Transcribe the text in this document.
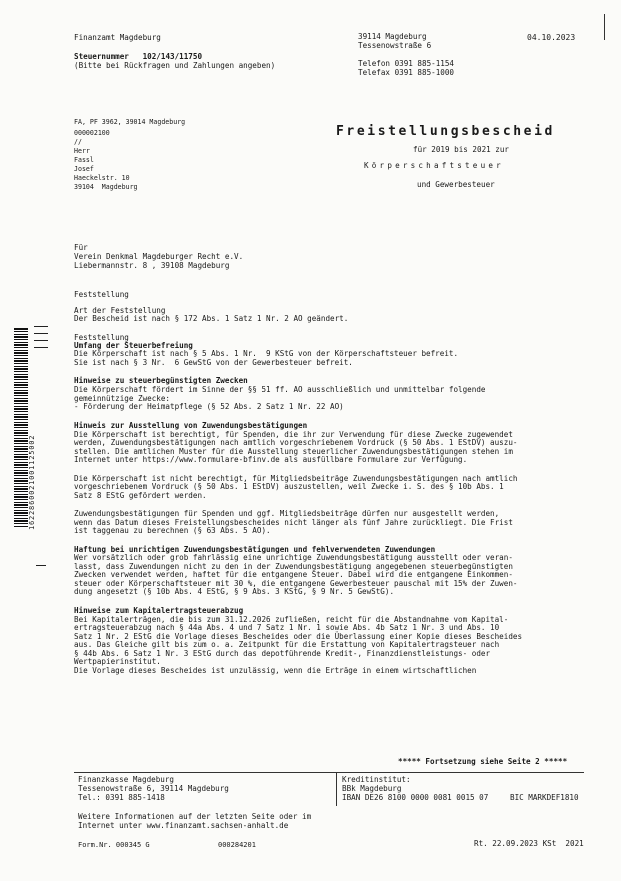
1622860021001125002
Finanzamt Magdeburg
Steuernummer 102/143/11750
(Bitte bei Rückfragen und Zahlungen angeben)
39114 Magdeburg
Tessenowstraße 6
Telefon 0391 885-1154
Telefax 0391 885-1000
04.10.2023
FA, PF 3962, 39014 Magdeburg
000002100
//
Herr
Fassl
Josef
Haeckelstr. 10
39104  Magdeburg
Freistellungsbescheid
für 2019 bis 2021 zur
Körperschaftsteuer
und Gewerbesteuer
Für
Verein Denkmal Magdeburger Recht e.V.
Liebermannstr. 8 , 39108 Magdeburg
Feststellung
Art der Feststellung
Der Bescheid ist nach § 172 Abs. 1 Satz 1 Nr. 2 AO geändert.
Feststellung
Umfang der Steuerbefreiung
Die Körperschaft ist nach § 5 Abs. 1 Nr.  9 KStG von der Körperschaftsteuer befreit.
Sie ist nach § 3 Nr.  6 GewStG von der Gewerbesteuer befreit.
Hinweise zu steuerbegünstigten Zwecken
Die Körperschaft fördert im Sinne der §§ 51 ff. AO ausschließlich und unmittelbar folgende
gemeinnützige Zwecke:
- Förderung der Heimatpflege (§ 52 Abs. 2 Satz 1 Nr. 22 AO)
Hinweis zur Ausstellung von Zuwendungsbestätigungen
Die Körperschaft ist berechtigt, für Spenden, die ihr zur Verwendung für diese Zwecke zugewendet
werden, Zuwendungsbestätigungen nach amtlich vorgeschriebenem Vordruck (§ 50 Abs. 1 EStDV) auszu-
stellen. Die amtlichen Muster für die Ausstellung steuerlicher Zuwendungsbestätigungen stehen im
Internet unter https://www.formulare-bfinv.de als ausfüllbare Formulare zur Verfügung.
Die Körperschaft ist nicht berechtigt, für Mitgliedsbeiträge Zuwendungsbestätigungen nach amtlich
vorgeschriebenem Vordruck (§ 50 Abs. 1 EStDV) auszustellen, weil Zwecke i. S. des § 10b Abs. 1
Satz 8 EStG gefördert werden.
Zuwendungsbestätigungen für Spenden und ggf. Mitgliedsbeiträge dürfen nur ausgestellt werden,
wenn das Datum dieses Freistellungsbescheides nicht länger als fünf Jahre zurückliegt. Die Frist
ist taggenau zu berechnen (§ 63 Abs. 5 AO).
Haftung bei unrichtigen Zuwendungsbestätigungen und fehlverwendeten Zuwendungen
Wer vorsätzlich oder grob fahrlässig eine unrichtige Zuwendungsbestätigung ausstellt oder veran-
lasst, dass Zuwendungen nicht zu den in der Zuwendungsbestätigung angegebenen steuerbegünstigten
Zwecken verwendet werden, haftet für die entgangene Steuer. Dabei wird die entgangene Einkommen-
steuer oder Körperschaftsteuer mit 30 %, die entgangene Gewerbesteuer pauschal mit 15% der Zuwen-
dung angesetzt (§ 10b Abs. 4 EStG, § 9 Abs. 3 KStG, § 9 Nr. 5 GewStG).
Hinweise zum Kapitalertragsteuerabzug
Bei Kapitalerträgen, die bis zum 31.12.2026 zufließen, reicht für die Abstandnahme vom Kapital-
ertragsteuerabzug nach § 44a Abs. 4 und 7 Satz 1 Nr. 1 sowie Abs. 4b Satz 1 Nr. 3 und Abs. 10
Satz 1 Nr. 2 EStG die Vorlage dieses Bescheides oder die Überlassung einer Kopie dieses Bescheides
aus. Das Gleiche gilt bis zum o. a. Zeitpunkt für die Erstattung von Kapitalertragsteuer nach
§ 44b Abs. 6 Satz 1 Nr. 3 EStG durch das depotführende Kredit-, Finanzdienstleistungs- oder
Wertpapierinstitut.
Die Vorlage dieses Bescheides ist unzulässig, wenn die Erträge in einem wirtschaftlichen
***** Fortsetzung siehe Seite 2 *****
Finanzkasse Magdeburg
Tessenowstraße 6, 39114 Magdeburg
Tel.: 0391 885-1418
Kreditinstitut:
BBk Magdeburg
IBAN DE26 8100 0000 0081 0015 07	BIC MARKDEF1810
Weitere Informationen auf der letzten Seite oder im
Internet unter www.finanzamt.sachsen-anhalt.de
Form.Nr. 000345 G	000284201	Rt. 22.09.2023 KSt  2021
